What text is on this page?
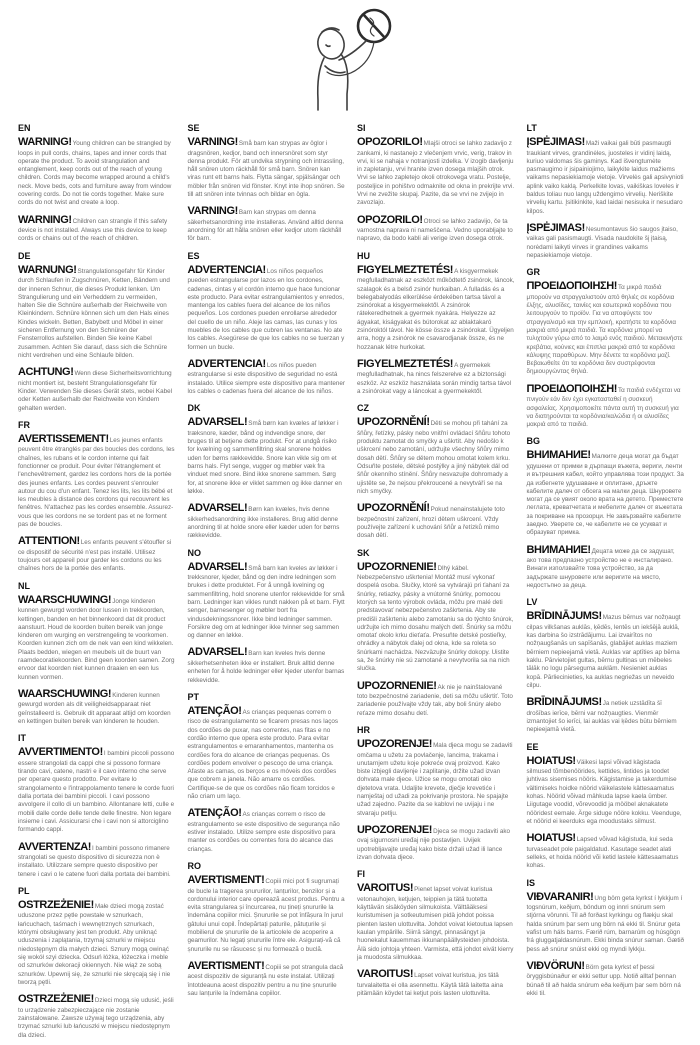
EN

WARNING!Young children can be strangled by loops in pull cords, chains, tapes and inner cords that operate the product. To avoid strangulation and entanglement, keep cords out of the reach of young children. Cords may become wrapped around a child's neck. Move beds, cots and furniture away from window covering cords. Do not tie cords together. Make sure cords do not twist and create a loop.

WARNING!Children can strangle if this safety device is not installed. Always use this device to keep cords or chains out of the reach of children.

DE

WARNUNG!Strangulationsgefahr für Kinder durch Schlaufen in Zugschnüren, Ketten, Bändern und der inneren Schnur, die dieses Produkt lenken. Um Strangulierung und ein Verheddern zu vermeiden, halten Sie die Schnüre außerhalb der Reichweite von Kleinkindern. Schnüre können sich um den Hals eines Kindes wickeln. Betten, Babybett und Möbel in einer sicheren Entfernung von den Schnüren der Fensterrollos aufstellen. Binden Sie keine Kabel zusammen. Achten Sie darauf, dass sich die Schnüre nicht verdrehen und eine Schlaufe bilden.

ACHTUNG!Wenn diese Sicherheitsvorrichtung nicht montiert ist, besteht Strangulationsgefahr für Kinder. Verwenden Sie dieses Gerät stets, wobei Kabel oder Ketten außerhalb der Reichweite von Kindern gehalten werden.

FR

AVERTISSEMENT!Les jeunes enfants peuvent être étranglés par des boucles des cordons, les chaînes, les rubans et le cordon interne qui fait fonctionner ce produit. Pour éviter l'étranglement et l'enchevêtrement, gardez les cordons hors de la portée des jeunes enfants. Les cordes peuvent s'enrouler autour du cou d'un enfant. Tenez les lits, les lits bébé et les meubles à distance des cordons qui recouvrent les fenêtres. N'attachez pas les cordes ensemble. Assurez-vous que les cordons ne se tordent pas et ne forment pas de boucles.

ATTENTION!Les enfants peuvent s'étouffer si ce dispositif de sécurité n'est pas installé. Utilisez toujours cet appareil pour garder les cordons ou les chaînes hors de la portée des enfants.

NL

WAARSCHUWING!Jonge kinderen kunnen gewurgd worden door lussen in trekkoorden, kettingen, banden en het binnenkoord dat dit product aanstuurt. Houd de koorden buiten bereik van jonge kinderen om wurging en verstrengeling te voorkomen. Koorden kunnen zich om de nek van een kind wikkelen. Plaats bedden, wiegen en meubels uit de buurt van raamdecoratiekoorden. Bind geen koorden samen. Zorg ervoor dat koorden niet kunnen draaien en een lus kunnen vormen.

WAARSCHUWING!Kinderen kunnen gewurgd worden als dit veiligheidsapparaat niet geïnstalleerd is. Gebruik dit apparaat altijd om koorden en kettingen buiten bereik van kinderen te houden.

IT

AVVERTIMENTO!I bambini piccoli possono essere strangolati da cappi che si possono formare tirando cavi, catene, nastri e il cavo interno che serve per operare questo prodotto. Per evitare lo strangolamento e l'intrappolamento tenere le corde fuori dalla portata dei bambini piccoli. I cavi possono avvolgere il collo di un bambino. Allontanare letti, culle e mobili dalle corde delle tende delle finestre. Non legare insieme i cavi. Assicurarsi che i cavi non si attorciglino formando cappi.

AVVERTENZA!I bambini possono rimanere strangolati se questo dispositivo di sicurezza non è installato. Utilizzare sempre questo dispositivo per tenere i cavi o le catene fuori dalla portata dei bambini.

PL

OSTRZEŻENIE!Małe dzieci mogą zostać uduszone przez pętle powstałe w sznurkach, łańcuchach, taśmach i wewnętrznych sznurkach, którymi obsługiwany jest ten produkt. Aby uniknąć uduszenia i zaplątania, trzymaj sznurki w miejscu niedostępnym dla małych dzieci. Sznury mogą owinąć się wokół szyi dziecka. Odsuń łóżka, łóżeczka i meble od sznurków dekoracji okiennych. Nie wiąż ze sobą sznurków. Upewnij się, że sznurki nie skręcają się i nie tworzą pętli.

OSTRZEŻENIE!Dzieci mogą się udusić, jeśli to urządzenie zabezpieczające nie zostanie zainstalowane. Zawsze używaj tego urządzenia, aby trzymać sznurki lub łańcuszki w miejscu niedostępnym dla dzieci.

SE

VARNING!Små barn kan strypas av öglor i dragsnören, kedjor, band och innersnöret som styr denna produkt. För att undvika strypning och intrassling, håll snören utom räckhåll för små barn. Snören kan viras runt ett barns hals. Flytta sängar, spjälsängar och möbler från snören vid fönster. Knyt inte ihop snören. Se till att snören inte tvinnas och bildar en ögla.

VARNING!Barn kan strypas om denna säkerhetsanordning inte installeras. Använd alltid denna anordning för att hålla snören eller kedjor utom räckhåll för barn.

ES

ADVERTENCIA!Los niños pequeños pueden estrangularse por lazos en los cordones, cadenas, cintas y el cordón interno que hace funcionar este producto. Para evitar estrangulamientos y enredos, mantenga los cables fuera del alcance de los niños pequeños. Los cordones pueden enrollarse alrededor del cuello de un niño. Aleje las camas, las cunas y los muebles de los cables que cubren las ventanas. No ate los cables. Asegúrese de que los cables no se tuerzan y formen un bucle.

ADVERTENCIA!Los niños pueden estrangularse si este dispositivo de seguridad no está instalado. Utilice siempre este dispositivo para mantener los cables o cadenas fuera del alcance de los niños.

DK

ADVARSEL!Små børn kan kvæles af løkker i træksnore, kæder, bånd og indvendige snore, der bruges til at betjene dette produkt. For at undgå risiko for kvælning og sammenfiltring skal snorene holdes uden for børns rækkevidde. Snore kan vikle sig om et barns hals. Flyt senge, vugger og møbler væk fra vinduet med snore. Bind ikke snorene sammen. Sørg for, at snorene ikke er viklet sammen og ikke danner en løkke.

ADVARSEL!Børn kan kvæles, hvis denne sikkerhedsanordning ikke installeres. Brug altid denne anordning til at holde snore eller kæder uden for børns rækkevidde.

NO

ADVARSEL!Små barn kan kveles av løkker i trekksnorer, kjeder, bånd og den indre ledningen som brukes i dette produktet. For å unngå kvelning og sammenfiltring, hold snorene utenfor rekkevidde for små barn. Ledninger kan vikles rundt nakken på et barn. Flytt senger, barnesenger og møbler bort fra vindusdekningssnorer. Ikke bind ledninger sammen. Forsikre deg om at ledninger ikke tvinner seg sammen og danner en løkke.

ADVARSEL!Barn kan kveles hvis denne sikkerhetsenheten ikke er installert. Bruk alltid denne enheten for å holde ledninger eller kjeder utenfor barnas rekkevidde.

PT

ATENÇÃO!As crianças pequenas correm o risco de estrangulamento se ficarem presas nos laços dos cordões de puxar, nas correntes, nas fitas e no cordão interno que opera este produto. Para evitar estrangulamentos e emaranhamentos, mantenha os cordões fora do alcance de crianças pequenas. Os cordões podem envolver o pescoço de uma criança. Afaste as camas, os berços e os móveis dos cordões que cobrem a janela. Não amarre os cordões. Certifique-se de que os cordões não ficam torcidos e não criam um laço.

ATENÇÃO!As crianças correm o risco de estrangulamento se este dispositivo de segurança não estiver instalado. Utilize sempre este dispositivo para manter os cordões ou correntes fora do alcance das crianças.

RO

AVERTISMENT!Copiii mici pot fi sugrumați de bucle la tragerea șnururilor, lanțurilor, benzilor și a cordonului interior care operează acest produs. Pentru a evita strangularea și încurcarea, nu țineți șnururile la îndemâna copiilor mici. Șnururile se pot înfășura în jurul gâtului unui copil. Îndepărtați paturile, pătuțurile și mobilierul de șnururile de la articolele de acoperire a geamurilor. Nu legați șnururile între ele. Asigurați-vă că șnururile nu se răsucesc și nu formează o buclă.

AVERTISMENT!Copiii se pot strangula dacă acest dispozitiv de siguranță nu este instalat. Utilizați întotdeauna acest dispozitiv pentru a nu ține șnururile sau lanțurile la îndemâna copiilor.

SI

OPOZORILO!Mlajši otroci se lahko zadavijo z zankami, ki nastanejo z vlečenjem vrvic, verig, trakov in vrvi, ki se nahaja v notranjosti izdelka. V izogib davljenju in zapletanju, vrvi hranite izven dosega mlajših otrok. Vrvi se lahko zapletejo okoli otrokovega vratu. Postelje, posteljice in pohištvo odmaknite od okna in prekrijte vrvi. Vrvi ne zvežite skupaj. Pazite, da se vrvi ne zvijejo in zavozlajo.

OPOZORILO!Otroci se lahko zadavijo, če ta varnostna naprava ni nameščena. Vedno uporabljajte to napravo, da bodo kabli ali verige izven dosega otrok.

HU

FIGYELMEZTETÉS!A kisgyermekek megfulladhatnak az eszközt működtető zsinórok, láncok, szalagok és a belső zsinór hurkaiban. A fulladás és a belegabalyodás elkerülése érdekében tartsa távol a zsinórokat a kisgyermekektől. A zsinórok rátekeredhetnek a gyermek nyakára. Helyezze az ágyakat, kiságyakat és bútorokat az ablaktakaró zsinóroktól távol. Ne kösse össze a zsinórokat. Ügyeljen arra, hogy a zsinórok ne csavarodjanak össze, és ne hozzanak létre hurkokat.

FIGYELMEZTETÉS!A gyermekek megfulladhatnak, ha nincs felszerelve ez a biztonsági eszköz. Az eszköz használata során mindig tartsa távol a zsinórokat vagy a láncokat a gyermekektől.

CZ

UPOZORNĚNÍ!Děti se mohou při tahání za šňůry, řetízky, pásky nebo vnitřní ovládací šňůru tohoto produktu zamotat do smyčky a uškrtit. Aby nedošlo k uškrcení nebo zamotání, udržujte všechny šňůry mimo dosah dětí. Šňůry se dětem mohou omotat kolem krku. Odsuňte postele, dětské postýlky a jiný nábytek dál od šňůr okenního stínění. Šňůry nesvazujte dohromady a ujistěte se, že nejsou překroucené a nevytváří se na nich smyčky.

UPOZORNĚNÍ!Pokud nenainstalujete toto bezpečnostní zařízení, hrozí dětem uškrcení. Vždy používejte zařízení k uchování šňůr a řetízků mimo dosah dětí.

SK

UPOZORNENIE!Dlhý kábel. Nebezpečenstvo uškrtenia! Montáž musí vykonať dospelá osoba. Slučky, ktoré sa vytvárajú pri ťahaní za šnúrky, retiazky, pásky a vnútorné šnúrky, pomocou ktorých sa tento výrobok ovláda, môžu pre malé deti predstavovať nebezpečenstvo zaškrtenia. Aby ste predišli zaškrteniu alebo zamotaniu sa do týchto šnúrok, udržujte ich mimo dosahu malých detí. Šnúrky sa môžu omotať okolo krku dieťaťa. Presuňte detské postieľky, ohrádky a nábytok ďalej od okna, kde sa roleta so šnúrkami nachádza. Nezväzujte šnúrky dokopy. Uistite sa, že šnúrky nie sú zamotané a nevytvorila sa na nich slučka.

UPOZORNENIE!Ak nie je nainštalované toto bezpečnostné zariadenie, deti sa môžu uškrtiť. Toto zariadenie používajte vždy tak, aby boli šnúry alebo reťaze mimo dosahu detí.

HR

UPOZORENJE!Mala djeca mogu se zadaviti omčama u užetu za povlačenje, lancima, trakama i unutarnjem užetu koje pokreće ovaj proizvod. Kako biste izbjegli davljenje i zaplitanje, držite užad izvan dohvata male djece. Užice se mogu omotati oko djetetova vrata. Udaljite krevete, dječje krevetiće i namještaj od užadi za pokrivanje prostora. Ne spajajte užad zajedno. Pazite da se kablovi ne uvijaju i ne stvaraju petlju.

UPOZORENJE!Djeca se mogu zadaviti ako ovaj sigurnosni uređaj nije postavljen. Uvijek upotrebljavajte uređaj kako biste držali užad ili lance izvan dohvata djece.

FI

VAROITUS!Pienet lapset voivat kuristua vetonauhojen, ketjujen, teippien ja tätä tuotetta käyttävän sisäköyden silmukoista. Välttääksesi kuristumisen ja sotkeutumisen pidä johdot poissa pienten lasten ulottuvilta. Johdot voivat kietoutua lapsen kaulan ympärille. Siirrä sängyt, pinnasängyt ja huonekalut kauemmas ikkunanpäällysteiden johdoista. Älä sido johtoja yhteen. Varmista, että johdot eivät kierry ja muodosta silmukkaa.

VAROITUS!Lapset voivat kuristua, jos tätä turvalaitetta ei olla asennettu. Käytä tätä laitetta aina pitämään köydet tai ketjut pois lasten ulottuvilta.

LT

ĮSPĖJIMAS!Maži vaikai gali būti pasmaugti traukiant virves, grandinėles, juosteles ir vidinį laidą, kuriuo valdomas šis gaminys. Kad išvengtumėte pasmaugimo ir įsipainiojimo, laikykite laidus mažiems vaikams nepasiekiamoje vietoje. Virvelės gali apsivynioti aplink vaiko kaklą. Perkelkite lovas, vaikiškas loveles ir baldus toliau nuo langų uždengimo virvelių. Neriškite virvelių kartu. Įsitikinkite, kad laidai nesisuka ir nesudaro kilpos.

ĮSPĖJIMAS!Nesumontavus šio saugos įtaiso, vaikas gali pasismaugti. Visada naudokite šį įtaisą, norėdami laikyti virves ir grandines vaikams nepasiekiamoje vietoje.

GR

ΠΡΟΕΙΔΟΠΟΙΗΣΗ!Τα μικρά παιδιά μπορούν να στραγγαλιστούν από θηλιές σε κορδόνια έλξης, αλυσίδες, ταινίες και εσωτερικά κορδόνια που λειτουργούν το προϊόν. Για να αποφύγετε τον στραγγαλισμό και την εμπλοκή, κρατήστε τα κορδόνια μακριά από μικρά παιδιά. Τα κορδόνια μπορεί να τυλιχτούν γύρω από το λαιμό ενός παιδιού. Μετακινήστε κρεβάτια, κούνιες και έπιπλα μακριά από τα κορδόνια κάλυψης παραθύρων. Μην δένετε τα κορδόνια μαζί. Βεβαιωθείτε ότι τα κορδόνια δεν συστρέφονται δημιουργώντας θηλιά.

ΠΡΟΕΙΔΟΠΟΙΗΣΗ!Τα παιδιά ενδέχεται να πνιγούν εάν δεν έχει εγκατασταθεί η συσκευή ασφαλείας. Χρησιμοποιείτε πάντα αυτή τη συσκευή για να διατηρούνται τα κορδόνια/καλώδια ή οι αλυσίδες μακριά από τα παιδιά.

BG

ВНИМАНИЕ!Малките деца могат да бъдат удушени от примки в дърпащи въжета, вериги, ленти и вътрешния кабел, който управлява този продукт. За да избегнете удушаване и оплитане, дръжте кабелите далеч от обсега на малки деца. Шнуровете могат да се увият около врата на детето. Преместете леглата, креватчетата и мебелите далеч от въжетата за покриване на прозорци. Не завързвайте кабелите заедно. Уверете се, че кабелите не се усукват и образуват примка.

ВНИМАНИЕ!Децата може да се задушат, ако това предпазно устройство не е инсталирано. Винаги използвайте това устройство, за да задържате шнуровете или веригите на място, недостъпно за деца.

LV

BRĪDINĀJUMS!Mazus bērnus var nožņaugt cilpas vilkšanas auklās, ķēdēs, lentēs un iekšējā auklā, kas darbina šo izstrādājumu. Lai izvairītos no nožņaugšanās un sapīšanās, glabājiet auklas maziem bērniem nepieejamā vietā. Auklas var aptīties ap bērna kaklu. Pārvietojiet gultas, bērnu gultiņas un mēbeles tālāk no logu pārseguma auklām. Nesieniet auklas kopā. Pārliecinieties, ka auklas negriežas un neveido cilpu.

BRĪDINĀJUMS!Ja netiek uzstādīta šī drošības ierīce, bērni var nožņaugties. Vienmēr izmantojiet šo ierīci, lai auklas vai ķēdes būtu bērniem nepieejamā vietā.

EE

HOIATUS!Väikesi lapsi võivad kägistada silmused tõmbenöörides, kettides, lintides ja toodet juhtivas sisemises nööris. Kägistamise ja takerdumise vältimiseks hoidke nöörid väikelastele kättesaamatus kohas. Nöörid võivad mähkuda lapse kaela ümber. Liigutage voodid, võrevoodid ja mööbel aknakatete nööridest eemale. Ärge siduge nööre kokku. Veenduge, et nöörid ei keerduks ega moodustaks silmust.

HOIATUS!Lapsed võivad kägistuda, kui seda turvaseadet pole paigaldatud. Kasutage seadet alati selleks, et hoida nöörid või ketid lastele kättesaamatus kohas.

IS

VIÐVARANIR!Ung börn geta kyrkst í lykkjum í togsnúrum, keðjum, böndum og innri snúrum sem stjórna vörunni. Til að forðast kyrkingu og flækju skal halda snúrum þar sem ung börn ná ekki til. Snúrur geta vafist um háls barns. Færið rúm, barnarúm og húsgögn frá gluggatjaldasnúrum. Ekki binda snúrur saman. Gætið þess að snúrur snúist ekki og myndi lykkju.

VIÐVÖRUN!Börn geta kyrkst ef þessi öryggisbúnaður er ekki settur upp. Notið alltaf þennan búnað til að halda snúrum eða keðjum þar sem börn ná ekki til.
